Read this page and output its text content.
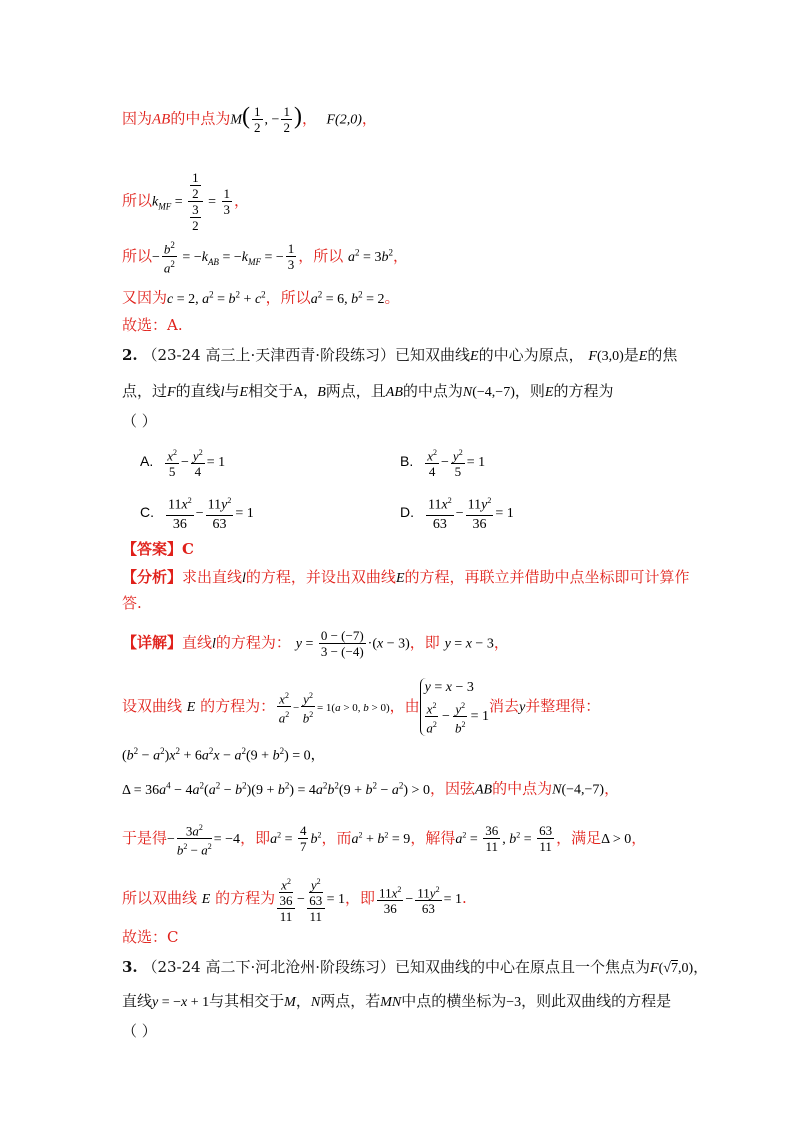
因为AB的中点为$M( \frac{1}{2}$ , − $\frac{1}{2}$ )， F(2,0)，
所以$k_{MF} = \frac{\frac{1}{2}}{\frac{3}{2}} = \frac{1}{3}$ ，
所以− $\frac{b^2}{a^2} = -k_{AB} = -k_{MF}$ = − $\frac{1}{3}$ ，所以 $a^2 = 3b^2$，
又因为c = 2, $a^2 = b^2 + c^2$，所以$a^2 = 6$, $b^2 = 2$。
故选：A.
2. （23-24 高三上·天津西青·阶段练习）已知双曲线E的中心为原点， F(3,0)是E的焦
点，过F的直线l与E相交于A，B两点，且AB的中点为N(−4,−7)，则E的方程为
（ ）
A. $\frac{x^2}{5} - \frac{y^2}{4} = 1$	B. $\frac{x^2}{4} - \frac{y^2}{5} = 1$
C. $\frac{11x^2}{36} - \frac{11y^2}{63} = 1$	D. $\frac{11x^2}{63} - \frac{11y^2}{36} = 1$
【答案】C
【分析】求出直线l的方程，并设出双曲线E的方程，再联立并借助中点坐标即可计算作
答.
【详解】直线l的方程为： $y = \frac{0 - (-7)}{3 - (-4)} \cdot(x - 3)$，即 y = x − 3，
设双曲线 E 的方程为： $\frac{x^2}{a^2} - \frac{y^2}{b^2} = 1(a > 0$, b > 0)，由
y = x − 3
$\frac{x^2}{a^2} - \frac{y^2}{b^2} = 1$
消去y并整理得：
$(b^2 - a^2)x^2 + 6a^2x - a^2(9 + b^2) = 0$，
$\Delta = 36a^4 - 4a^2(a^2 - b^2)(9 + b^2) = 4a^2b^2(9 + b^2 - a^2) > 0$，因弦AB的中点为N(−4,−7)，
于是得− $\frac{3a^2}{b^2 - a^2} = -4$，即$a^2 = \frac{4}{7} b^2$，而$a^2 + b^2 = 9$，解得$a^2 = \frac{36}{11}$ , $b^2 = \frac{63}{11}$ ，满足Δ > 0，
所以双曲线 E 的方程为 $\frac{\frac{x^2}{36}}{11} - \frac{\frac{y^2}{63}}{11} = 1$，即 $\frac{11x^2}{36} - \frac{11y^2}{63} = 1$.
故选：C
3. （23-24 高二下·河北沧州·阶段练习）已知双曲线的中心在原点且一个焦点为F(√7,0)，
直线y = −x + 1与其相交于M，N两点，若MN中点的横坐标为−3，则此双曲线的方程是
（ ）
